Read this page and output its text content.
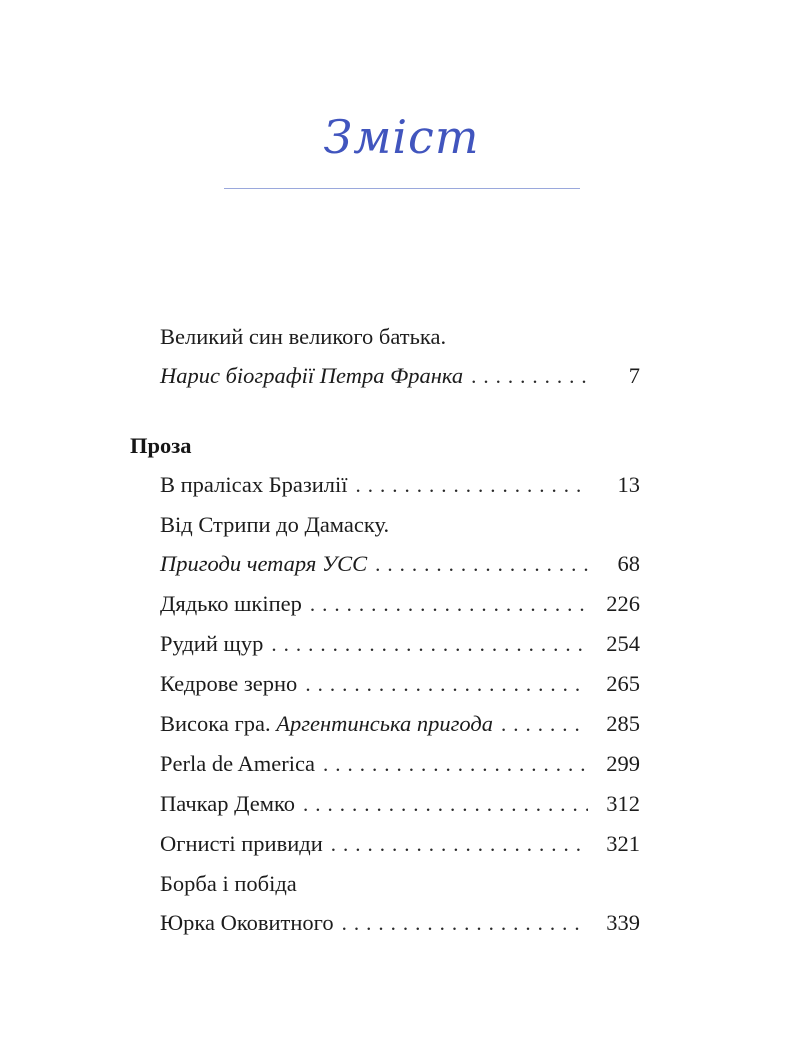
Зміст
Великий син великого батька.
Нарис біографії Петра Франка .....	7
Проза
В пралісах Бразилії .....	13
Від Стрипи до Дамаску.
Пригоди четаря УСС .....	68
Дядько шкіпер .....	226
Рудий щур .....	254
Кедрове зерно .....	265
Висока гра. Аргентинська пригода .....	285
Perla de America .....	299
Пачкар Демко .....	312
Огнисті привиди .....	321
Борба і побіда
Юрка Оковитного .....	339
